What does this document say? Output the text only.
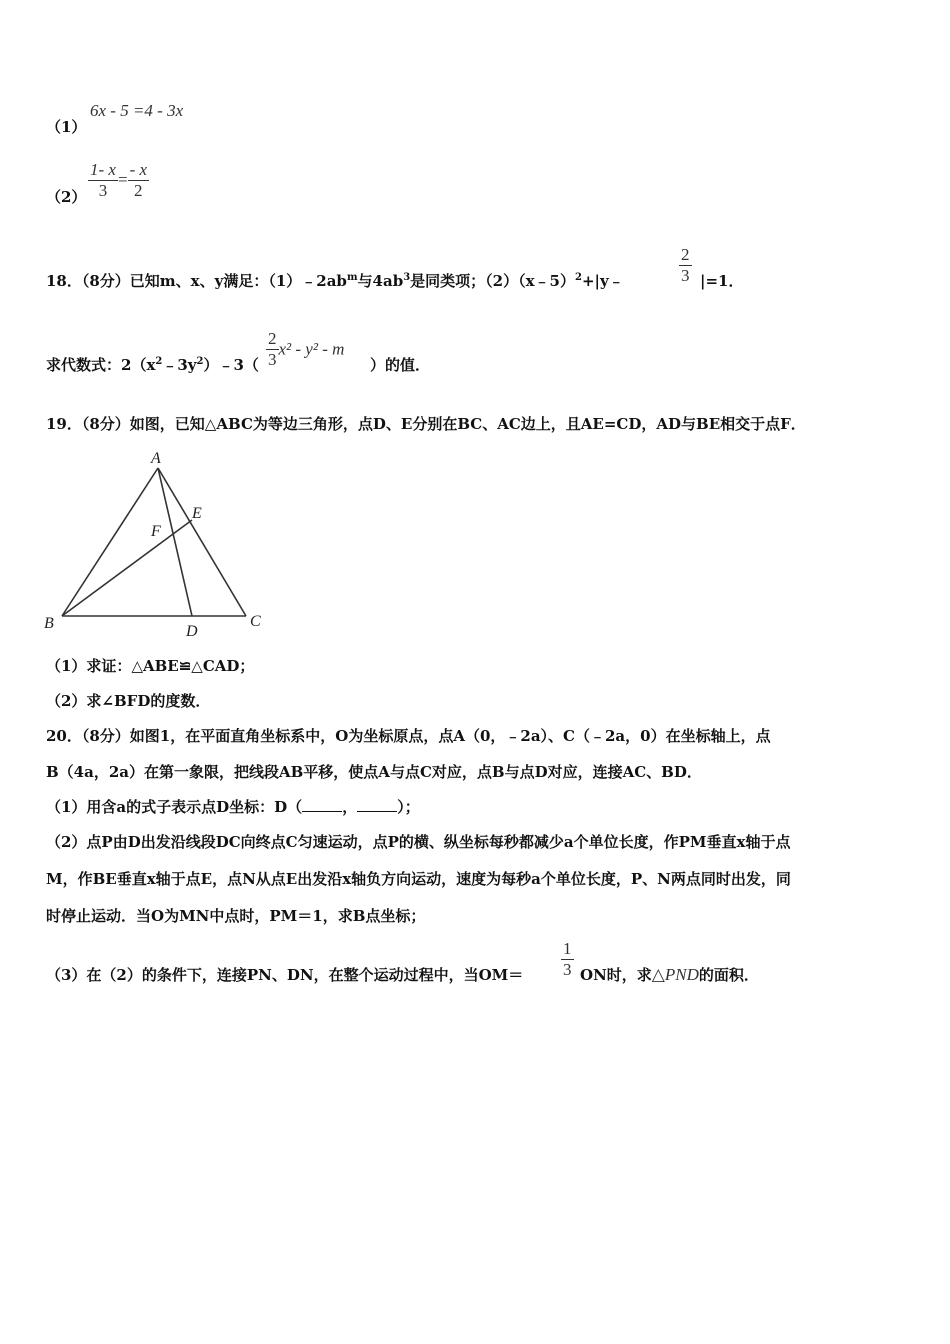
（1）
6x - 5 =4 - 3x
$(2) \frac{1- x}{3} = \frac{- x}{2}$
18．（8分）已知m、x、y满足：$(1)﹣2ab^m$与$4ab^3$是同类项；（2）（x﹣5）$^2$+|y﹣	$\frac{2}{3} |=1$．
求代数式：$2(x^2﹣3y^2)﹣3( \frac{2}{3} x^2 - y^2$ - m
）的值．
19．（8分）如图，已知△ABC为等边三角形，点D、E分别在BC、AC边上，且AE=CD，AD与BE相交于点F．
A
B	C
D
E
F
（1）求证：△ABE≌△CAD；
（2）求∠BFD的度数．
20．（8分）如图1，在平面直角坐标系中，O为坐标原点，点A（0，﹣2a）、C（﹣2a，0）在坐标轴上，点
B（4a，2a）在第一象限，把线段AB平移，使点A与点C对应，点B与点D对应，连接AC、BD．
（1）用含a的式子表示点D坐标：D（	，	）；
（2）点P由D出发沿线段DC向终点C匀速运动，点P的横、纵坐标每秒都减少a个单位长度，作PM垂直x轴于点
M，作BE垂直x轴于点E，点N从点E出发沿x轴负方向运动，速度为每秒a个单位长度，P、N两点同时出发，同
时停止运动．当O为MN中点时，PM＝1，求B点坐标；
（3）在（2）的条件下，连接PN、DN，在整个运动过程中，当$OM= \frac{1}{3}$ ON时，求△PND的面积．
